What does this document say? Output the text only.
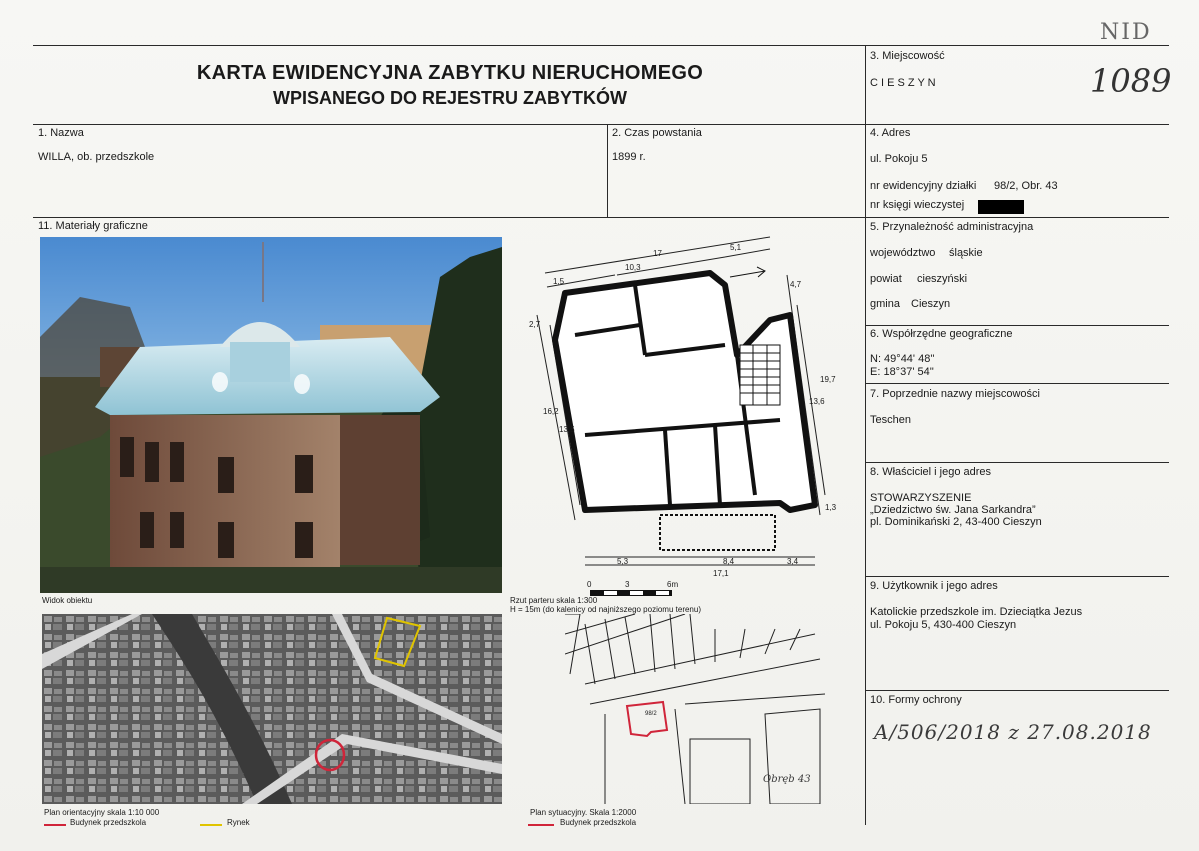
NID
1089
KARTA EWIDENCYJNA ZABYTKU NIERUCHOMEGO
WPISANEGO DO REJESTRU ZABYTKÓW
3. Miejscowość
C I E S Z Y N
1. Nazwa
WILLA, ob. przedszkole
2. Czas powstania
1899 r.
4. Adres
ul. Pokoju 5
nr ewidencyjny działki 98/2, Obr. 43
nr księgi wieczystej
5. Przynależność administracyjna
województwo śląskie
powiat cieszyński
gmina Cieszyn
6. Współrzędne geograficzne
N: 49°44' 48''
E: 18°37' 54''
7. Poprzednie nazwy miejscowości
Teschen
8. Właściciel i jego adres
STOWARZYSZENIE
„Dziedzictwo św. Jana Sarkandra”
pl. Dominikański 2, 43-400 Cieszyn
9. Użytkownik i jego adres
Katolickie przedszkole im. Dzieciątka Jezus
ul. Pokoju 5, 430-400 Cieszyn
10. Formy ochrony
A/506/2018 z 27.08.2018
11. Materiały graficzne
Widok obiektu
17
10,3
5,1
1,5
2,7
16,2
13,5
4,7
19,7
13,6
1,3
5,3	8,4	3,4
17,1
0	3	6m
Rzut parteru skala 1:300
H = 15m (do kalenicy od najniższego poziomu terenu)
Plan orientacyjny skala 1:10 000
Budynek przedszkola	Rynek
98/2
Obręb 43
Plan sytuacyjny. Skala 1:2000
Budynek przedszkola
